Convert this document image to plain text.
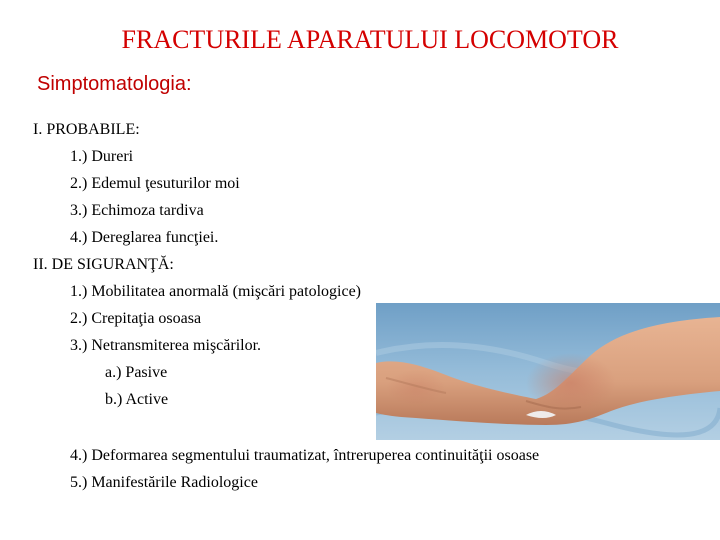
FRACTURILE APARATULUI LOCOMOTOR
Simptomatologia:
I. PROBABILE:
1.) Dureri
2.) Edemul ţesuturilor moi
3.) Echimoza tardiva
4.) Dereglarea funcţiei.
II. DE SIGURANŢĂ:
1.) Mobilitatea anormală (mişcări patologice)
2.) Crepitaţia osoasa
3.) Netransmiterea mişcărilor.
a.) Pasive
b.) Active
4.) Deformarea segmentului traumatizat, întreruperea continuităţii osoase
5.) Manifestările Radiologice
